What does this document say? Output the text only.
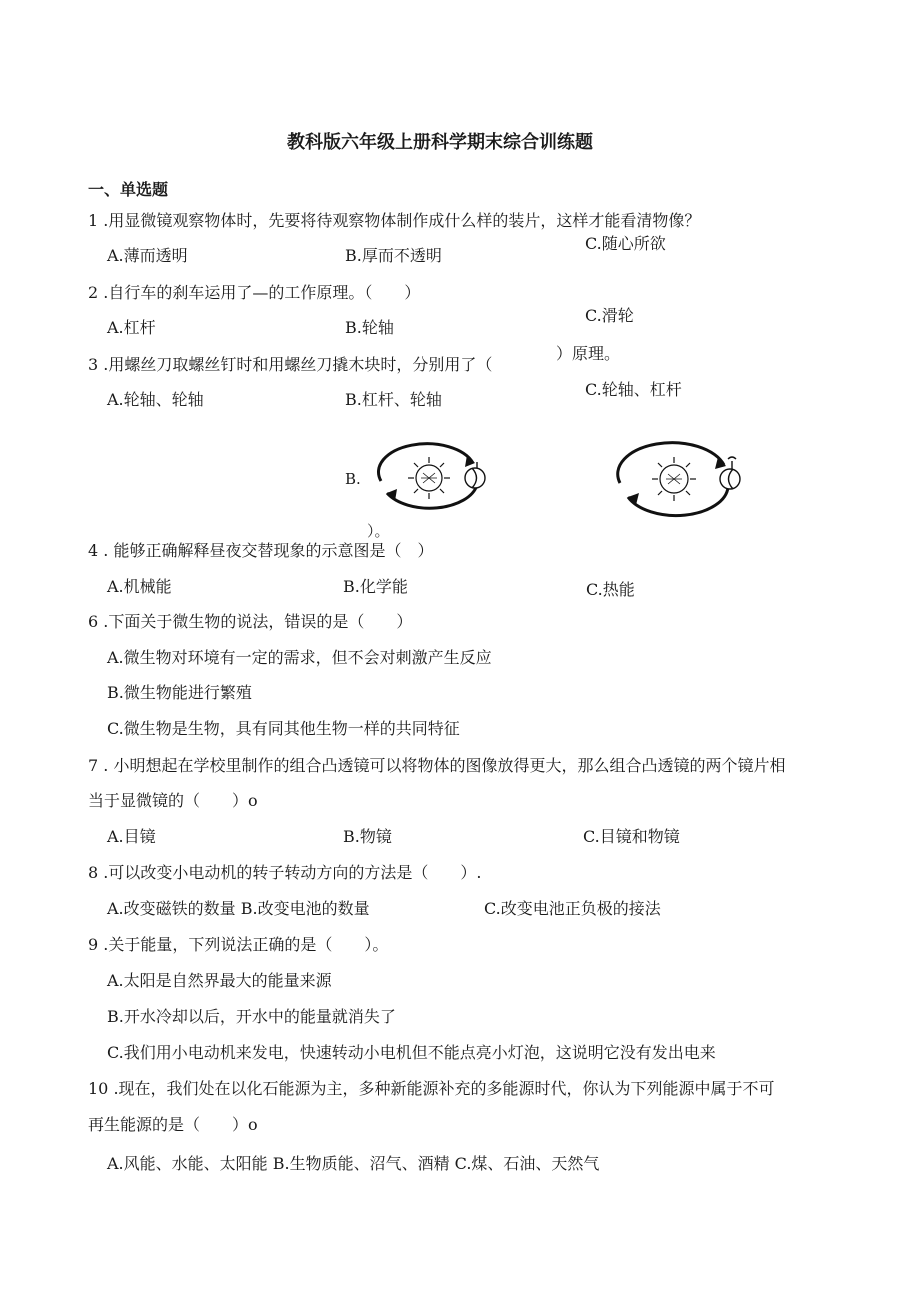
教科版六年级上册科学期末综合训练题
一、单选题
1 .用显微镜观察物体时，先要将待观察物体制作成什么样的装片，这样才能看清物像？
A.薄而透明	B.厚而不透明
C.随心所欲
2 .自行车的刹车运用了—的工作原理。（　　）
A.杠杆	B.轮轴
C.滑轮
3 .用螺丝刀取螺丝钉时和用螺丝刀撬木块时，分别用了（
）原理。
A.轮轴、轮轴	B.杠杆、轮轴
C.轮轴、杠杆
B.
）。
4 . 能够正确解释昼夜交替现象的示意图是（　）
A.机械能	B.化学能	C.热能
6 .下面关于微生物的说法，错误的是（　　）
A.微生物对环境有一定的需求，但不会对刺激产生反应
B.微生物能进行繁殖
C.微生物是生物，具有同其他生物一样的共同特征
7 . 小明想起在学校里制作的组合凸透镜可以将物体的图像放得更大，那么组合凸透镜的两个镜片相
当于显微镜的（　　）o
A.目镜	B.物镜	C.目镜和物镜
8 .可以改变小电动机的转子转动方向的方法是（　　）.
A.改变磁铁的数量 B.改变电池的数量	C.改变电池正负极的接法
9 .关于能量，下列说法正确的是（　　）。
A.太阳是自然界最大的能量来源
B.开水冷却以后，开水中的能量就消失了
C.我们用小电动机来发电，快速转动小电机但不能点亮小灯泡，这说明它没有发出电来
10 .现在，我们处在以化石能源为主，多种新能源补充的多能源时代，你认为下列能源中属于不可
再生能源的是（　　）o
A.风能、水能、太阳能 B.生物质能、沼气、酒精 C.煤、石油、天然气
